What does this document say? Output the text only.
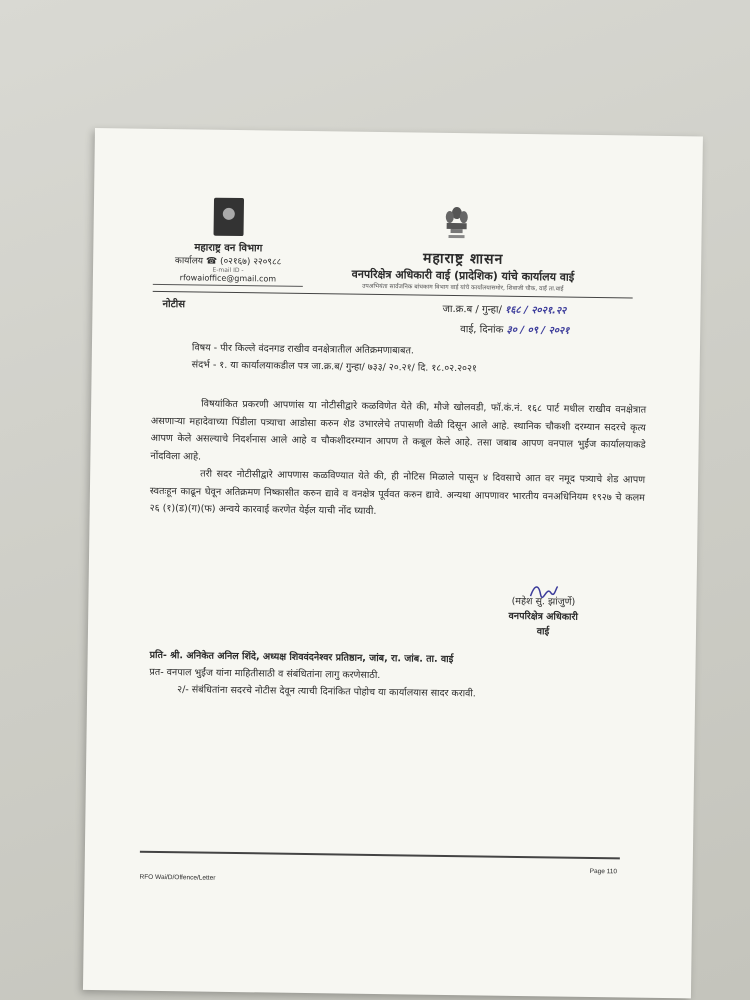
महाराष्ट्र वन विभाग
कार्यालय ☎ (०२१६७) २२०९८८
E-mail ID -
rfowaioffice@gmail.com
महाराष्ट्र शासन
वनपरिक्षेत्र अधिकारी वाई (प्रादेशिक) यांचे कार्यालय वाई
उपअभियंता सार्वजनिक बांधकाम विभाग वाई यांचे कार्यालयासमोर, शिवाजी चौक, वाई ता.वाई
नोटीस	जा.क्र.ब / गुन्हा/ १६८ / २०२१.२२
वाई, दिनांक ३० / ०९ / २०२१
विषय - पीर किल्ले वंदनगड राखीव वनक्षेत्रातील अतिक्रमणाबाबत.
संदर्भ - १. या कार्यालयाकडील पत्र जा.क्र.ब/ गुन्हा/ ७३३/ २०.२१/ दि. १८.०२.२०२१

विषयांकित प्रकरणी आपणांस या नोटीसीद्वारे कळविणेत येते की, मौजे खोलवडी, फॉ.कं.नं. १६८ पार्ट मधील राखीव वनक्षेत्रात असणाऱ्या महादेवाच्या पिंडीला पत्र्याचा आडोसा करुन शेड उभारलेचे तपासणी वेळी दिसून आले आहे. स्थानिक चौकशी दरम्यान सदरचे कृत्य आपण केले असल्याचे निदर्शनास आले आहे व चौकशीदरम्यान आपण ते कबूल केले आहे. तसा जबाब आपण वनपाल भुईंज कार्यालयाकडे नोंदविला आहे.

तरी सदर नोटीसीद्वारे आपणास कळविण्यात येते की, ही नोटिस मिळाले पासून ४ दिवसाचे आत वर नमूद पत्र्याचे शेड आपण स्वतःहून काढून घेवून अतिक्रमण निष्कासीत करुन द्यावे व वनक्षेत्र पूर्ववत करुन द्यावे. अन्यथा आपणावर भारतीय वनअधिनियम १९२७ चे कलम २६ (१)(ड)(ग)(फ) अन्वये कारवाई करणेत येईल याची नोंद घ्यावी.

(महेश सु. झांजुर्णे)
वनपरिक्षेत्र अधिकारी
वाई
प्रति- श्री. अनिकेत अनिल शिंदे, अध्यक्ष शिववंदनेश्वर प्रतिष्ठान, जांब, रा. जांब. ता. वाई
प्रत- वनपाल भुईंज यांना माहितीसाठी व संबंधितांना लागु करणेसाठी.
२/- संबंधितांना सदरचे नोटीस देवून त्याची दिनांकित पोहोच या कार्यालयास सादर करावी.
RFO Wai/D/Offence/Letter
Page 110
